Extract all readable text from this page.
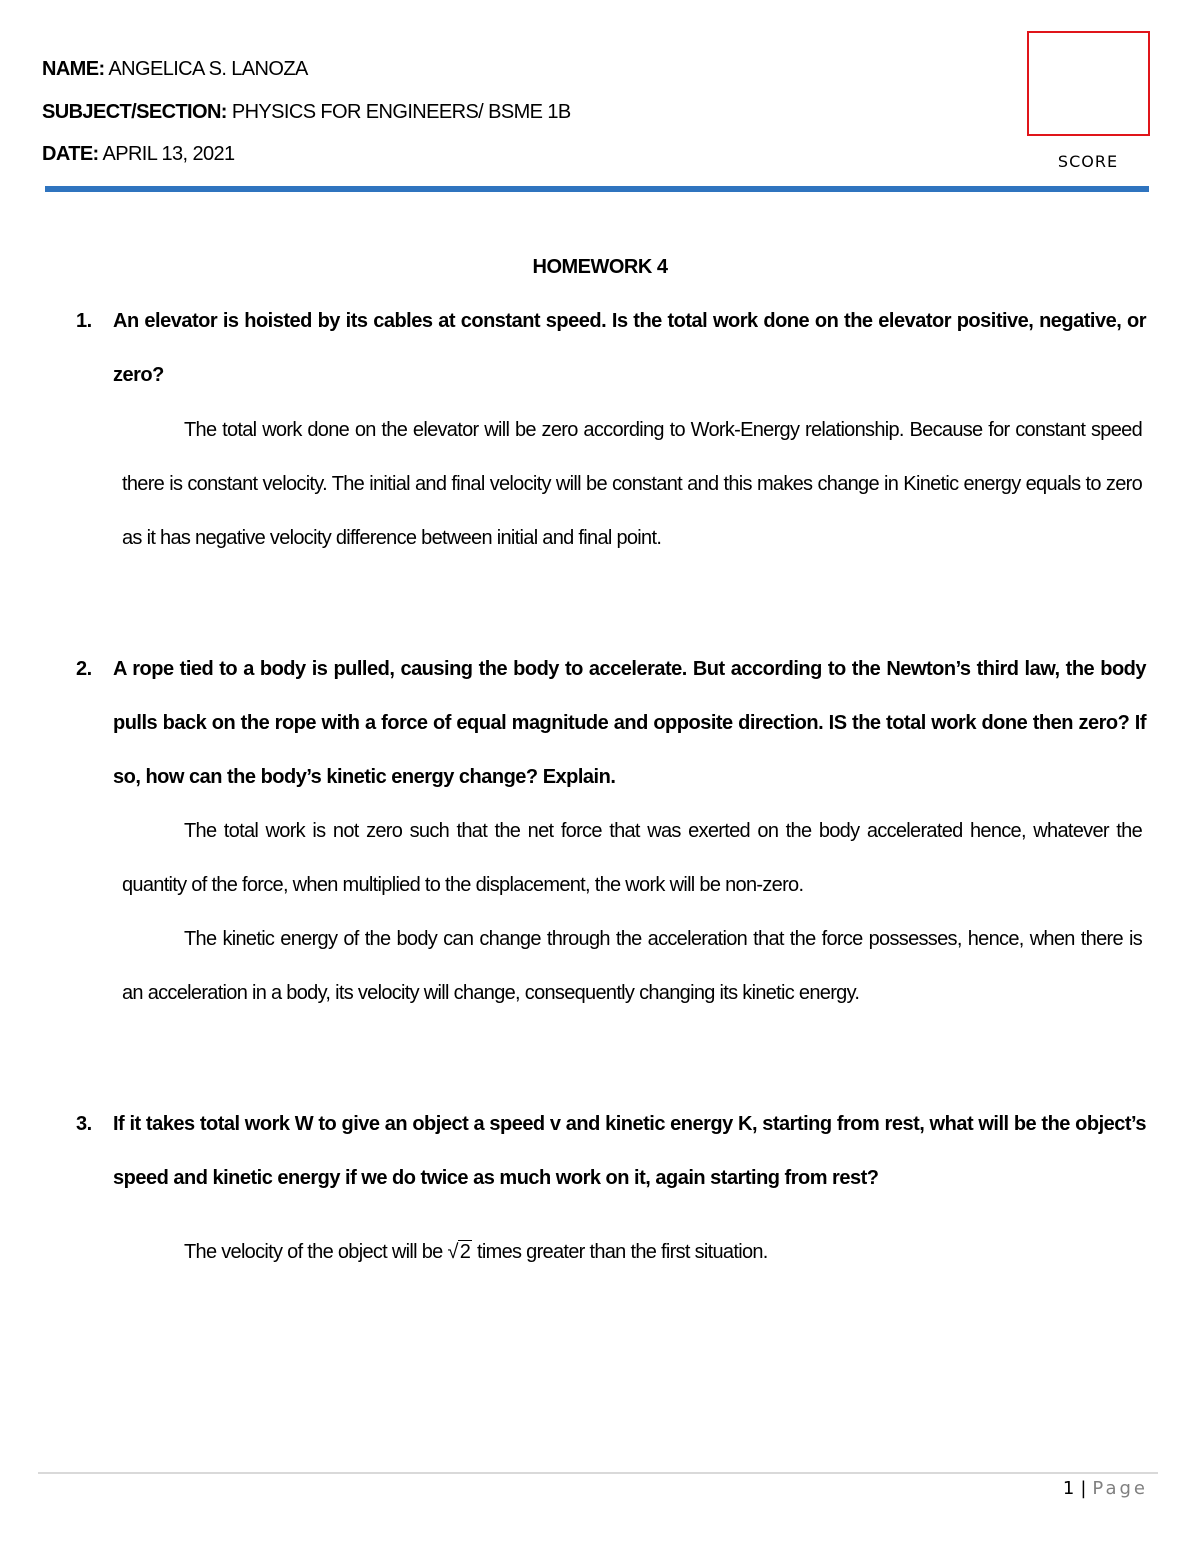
NAME: ANGELICA S. LANOZA
SUBJECT/SECTION: PHYSICS FOR ENGINEERS/ BSME 1B
DATE: APRIL 13, 2021	SCORE
HOMEWORK 4
1. An elevator is hoisted by its cables at constant speed. Is the total work done on the elevator positive, negative, or zero?
The total work done on the elevator will be zero according to Work-Energy relationship. Because for constant speed there is constant velocity. The initial and final velocity will be constant and this makes change in Kinetic energy equals to zero as it has negative velocity difference between initial and final point.
2. A rope tied to a body is pulled, causing the body to accelerate. But according to the Newton’s third law, the body pulls back on the rope with a force of equal magnitude and opposite direction. IS the total work done then zero? If so, how can the body’s kinetic energy change? Explain.
The total work is not zero such that the net force that was exerted on the body accelerated hence, whatever the quantity of the force, when multiplied to the displacement, the work will be non-zero.
The kinetic energy of the body can change through the acceleration that the force possesses, hence, when there is an acceleration in a body, its velocity will change, consequently changing its kinetic energy.
3. If it takes total work W to give an object a speed v and kinetic energy K, starting from rest, what will be the object’s speed and kinetic energy if we do twice as much work on it, again starting from rest?
The velocity of the object will be √ 2 times greater than the first situation.
1 | Page
